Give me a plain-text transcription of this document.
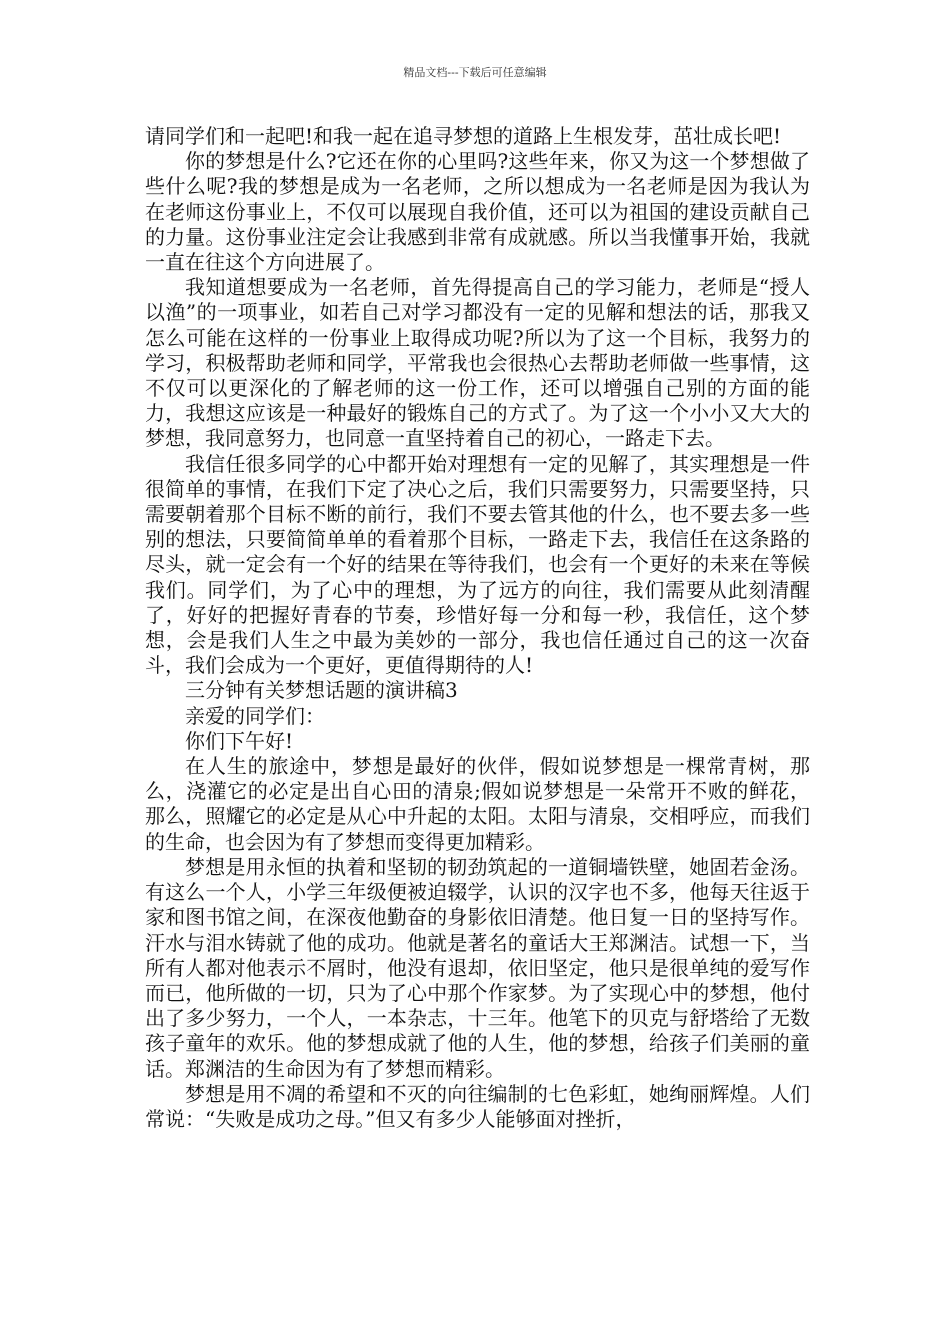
精品文档---下载后可任意编辑

请同学们和一起吧!和我一起在追寻梦想的道路上生根发芽，茁壮成长吧!

你的梦想是什么?它还在你的心里吗?这些年来，你又为这一个梦想做了些什么呢?我的梦想是成为一名老师，之所以想成为一名老师是因为我认为在老师这份事业上，不仅可以展现自我价值，还可以为祖国的建设贡献自己的力量。这份事业注定会让我感到非常有成就感。所以当我懂事开始，我就一直在往这个方向进展了。

我知道想要成为一名老师，首先得提高自己的学习能力，老师是“授人以渔”的一项事业，如若自己对学习都没有一定的见解和想法的话，那我又怎么可能在这样的一份事业上取得成功呢?所以为了这一个目标，我努力的学习，积极帮助老师和同学，平常我也会很热心去帮助老师做一些事情，这不仅可以更深化的了解老师的这一份工作，还可以增强自己别的方面的能力，我想这应该是一种最好的锻炼自己的方式了。为了这一个小小又大大的梦想，我同意努力，也同意一直坚持着自己的初心，一路走下去。

我信任很多同学的心中都开始对理想有一定的见解了，其实理想是一件很简单的事情，在我们下定了决心之后，我们只需要努力，只需要坚持，只需要朝着那个目标不断的前行，我们不要去管其他的什么，也不要去多一些别的想法，只要简简单单的看着那个目标，一路走下去，我信任在这条路的尽头，就一定会有一个好的结果在等待我们，也会有一个更好的未来在等候我们。同学们，为了心中的理想，为了远方的向往，我们需要从此刻清醒了，好好的把握好青春的节奏，珍惜好每一分和每一秒，我信任，这个梦想，会是我们人生之中最为美妙的一部分，我也信任通过自己的这一次奋斗，我们会成为一个更好，更值得期待的人!

三分钟有关梦想话题的演讲稿3

亲爱的同学们：

你们下午好!

在人生的旅途中，梦想是最好的伙伴，假如说梦想是一棵常青树，那么，浇灌它的必定是出自心田的清泉;假如说梦想是一朵常开不败的鲜花，那么，照耀它的必定是从心中升起的太阳。太阳与清泉，交相呼应，而我们的生命，也会因为有了梦想而变得更加精彩。

梦想是用永恒的执着和坚韧的韧劲筑起的一道铜墙铁壁，她固若金汤。有这么一个人，小学三年级便被迫辍学，认识的汉字也不多，他每天往返于家和图书馆之间，在深夜他勤奋的身影依旧清楚。他日复一日的坚持写作。汗水与泪水铸就了他的成功。他就是著名的童话大王郑渊洁。试想一下，当所有人都对他表示不屑时，他没有退却，依旧坚定，他只是很单纯的爱写作而已，他所做的一切，只为了心中那个作家梦。为了实现心中的梦想，他付出了多少努力，一个人，一本杂志，十三年。他笔下的贝克与舒塔给了无数孩子童年的欢乐。他的梦想成就了他的人生，他的梦想，给孩子们美丽的童话。郑渊洁的生命因为有了梦想而精彩。

梦想是用不凋的希望和不灭的向往编制的七色彩虹，她绚丽辉煌。人们常说：“失败是成功之母。”但又有多少人能够面对挫折，
